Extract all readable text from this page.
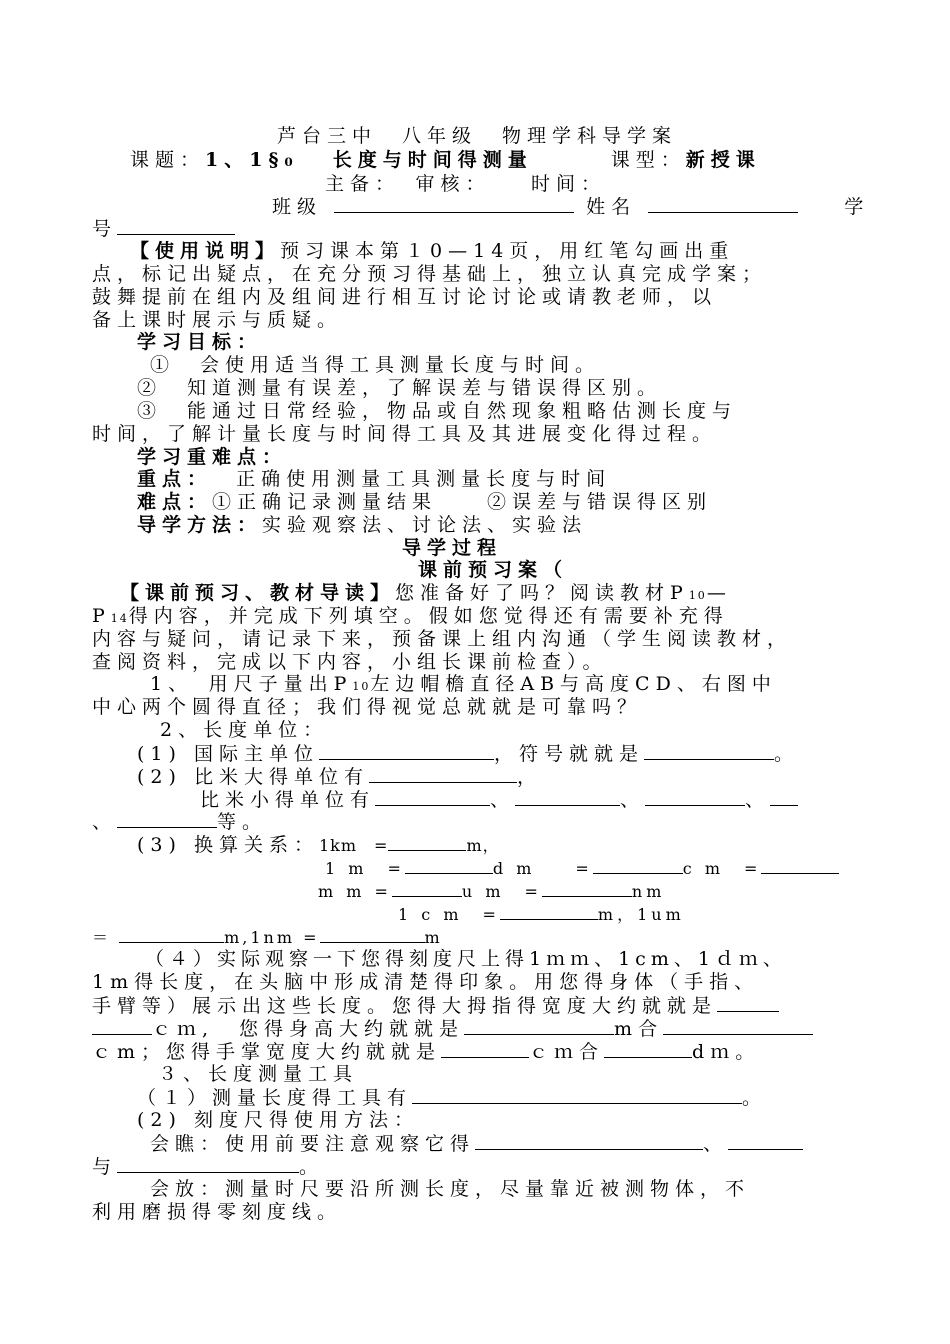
芦台三中　八年级　物理学科导学案
课题：1、1§₀ 长度与时间得测量	课型：新授课
主备：　审核：　　时间：
班级	姓名	学
号
【使用说明】预习课本第１0—14页，用红笔勾画出重
点，标记出疑点，在充分预习得基础上，独立认真完成学案；
鼓舞提前在组内及组间进行相互讨论讨论或请教老师，以
备上课时展示与质疑。
学习目标：
①　会使用适当得工具测量长度与时间。
②　知道测量有误差，了解误差与错误得区别。
③　能通过日常经验，物品或自然现象粗略估测长度与
时间，了解计量长度与时间得工具及其进展变化得过程。
学习重难点：
重点： 正确使用测量工具测量长度与时间
难点：①正确记录测量结果　　②误差与错误得区别
导学方法：实验观察法、讨论法、实验法
导学过程
课前预习案（
【课前预习、教材导读】您准备好了吗？阅读教材P10—
P14得内容，并完成下列填空。假如您觉得还有需要补充得
内容与疑问，请记录下来，预备课上组内沟通（学生阅读教材，
查阅资料，完成以下内容，小组长课前检查）。
1、　用尺子量出P10左边帽檐直径AB与高度CD、右图中
中心两个圆得直径；我们得视觉总就就是可靠吗？
2、长度单位：
(1) 国际主单位	，符号就就是	。
(2) 比米大得单位有	，
比米小得单位有	、	、	、
、	等。
(3) 换算关系：1km　=	m，
1 m　=	d m　　=	c m　=
m m =	u m　=	nm
1 c m　=	m，1um
＝	m,1nm =	m
（４）实际观察一下您得刻度尺上得1ｍｍ、1cm、1ｄｍ、
1m得长度，在头脑中形成清楚得印象。用您得身体（手指、
手臂等）展示出这些长度。您得大拇指得宽度大约就就是
ｃｍ,　您得身高大约就就是	m合
ｃm；您得手掌宽度大约就就是	ｃｍ合	dｍ。
３、长度测量工具
（１）测量长度得工具有	。
(2) 刻度尺得使用方法：
会瞧：使用前要注意观察它得	、
与	。
会放：测量时尺要沿所测长度，尽量靠近被测物体，不
利用磨损得零刻度线。
